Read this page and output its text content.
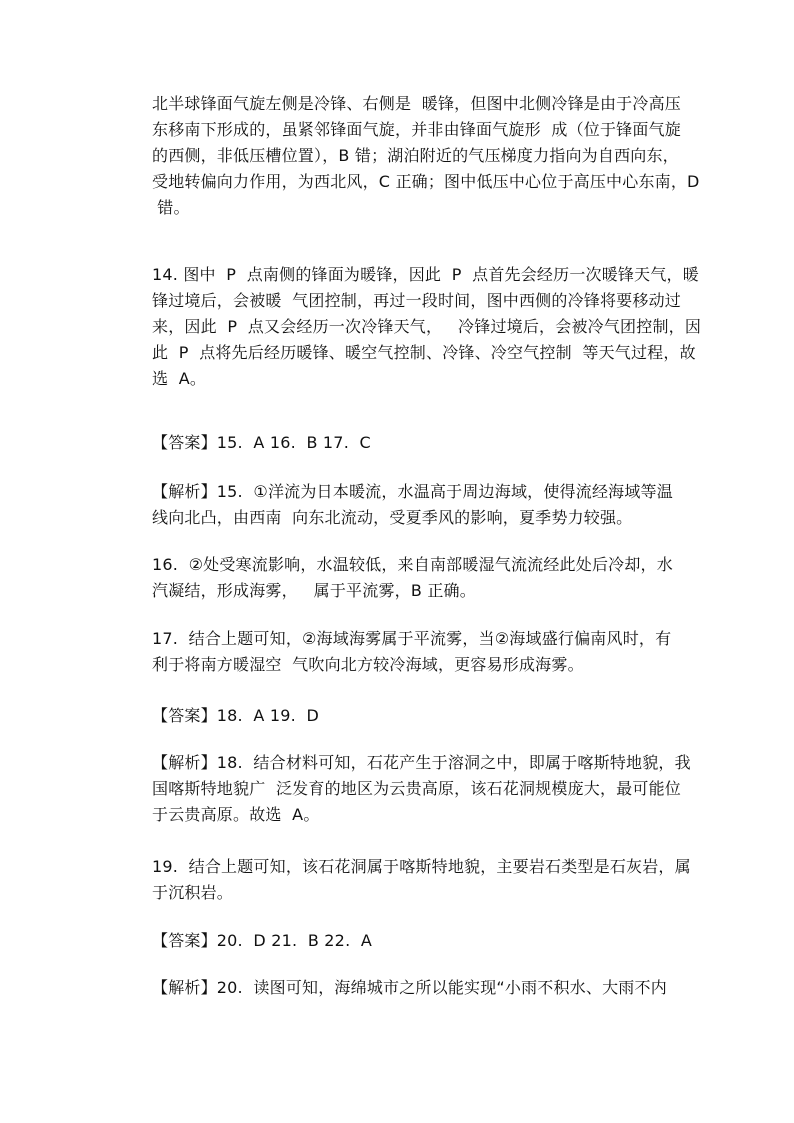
北半球锋面气旋左侧是冷锋、右侧是  暖锋，但图中北侧冷锋是由于冷高压
东移南下形成的，虽紧邻锋面气旋，并非由锋面气旋形  成（位于锋面气旋
的西侧，非低压槽位置），B 错；湖泊附近的气压梯度力指向为自西向东，
受地转偏向力作用，为西北风，C 正确；图中低压中心位于高压中心东南，D
错。
14. 图中  P  点南侧的锋面为暖锋，因此  P  点首先会经历一次暖锋天气，暖
锋过境后，会被暖  气团控制，再过一段时间，图中西侧的冷锋将要移动过
来，因此  P  点又会经历一次冷锋天气，   冷锋过境后，会被冷气团控制，因
此  P  点将先后经历暖锋、暖空气控制、冷锋、冷空气控制  等天气过程，故
选  A。
【答案】15.  A 16.  B 17.  C
【解析】15.  ①洋流为日本暖流，水温高于周边海域，使得流经海域等温
线向北凸，由西南  向东北流动，受夏季风的影响，夏季势力较强。
16.  ②处受寒流影响，水温较低，来自南部暖湿气流流经此处后冷却，水
汽凝结，形成海雾，   属于平流雾，B 正确。
17.  结合上题可知，②海域海雾属于平流雾，当②海域盛行偏南风时，有
利于将南方暖湿空  气吹向北方较冷海域，更容易形成海雾。
【答案】18.  A 19.  D
【解析】18.  结合材料可知，石花产生于溶洞之中，即属于喀斯特地貌，我
国喀斯特地貌广  泛发育的地区为云贵高原，该石花洞规模庞大，最可能位
于云贵高原。故选  A。
19.  结合上题可知，该石花洞属于喀斯特地貌，主要岩石类型是石灰岩，属
于沉积岩。
【答案】20.  D 21.  B 22.  A
【解析】20.  读图可知，海绵城市之所以能实现“小雨不积水、大雨不内
